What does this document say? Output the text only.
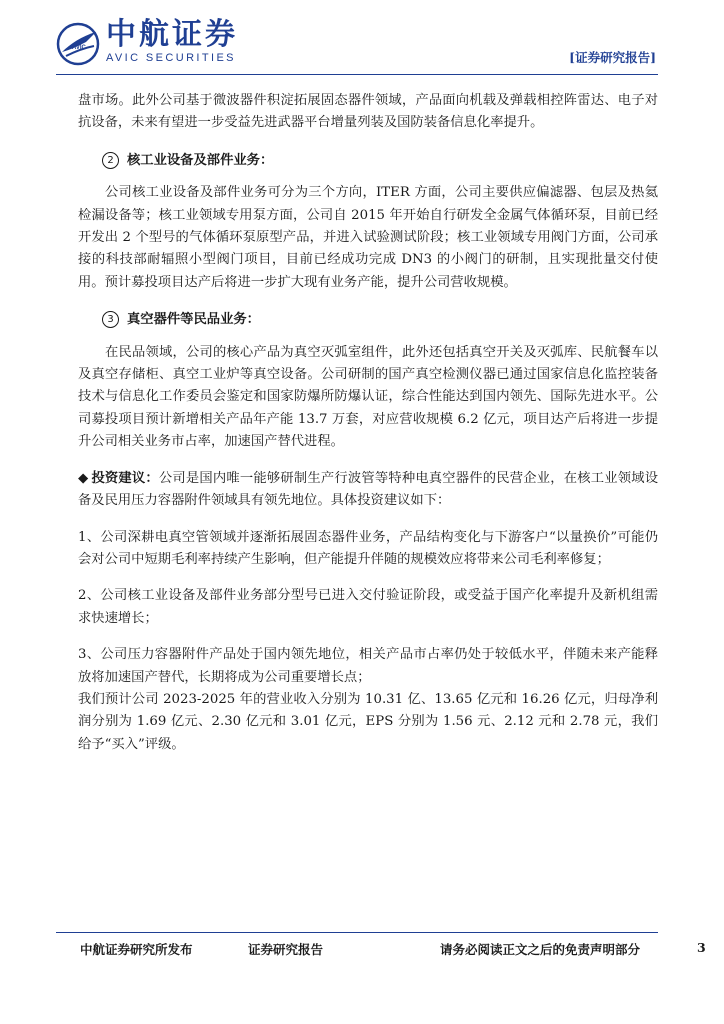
AVIC 中航证券
AVIC SECURITIES	[证券研究报告]

盘市场。此外公司基于微波器件积淀拓展固态器件领域，产品面向机载及弹载相控阵雷达、电子对抗设备，未来有望进一步受益先进武器平台增量列装及国防装备信息化率提升。

2 核工业设备及部件业务：

公司核工业设备及部件业务可分为三个方向，ITER 方面，公司主要供应偏滤器、包层及热氦检漏设备等；核工业领域专用泵方面，公司自 2015 年开始自行研发全金属气体循环泵，目前已经开发出 2 个型号的气体循环泵原型产品，并进入试验测试阶段；核工业领域专用阀门方面，公司承接的科技部耐辐照小型阀门项目，目前已经成功完成 DN3 的小阀门的研制，且实现批量交付使用。预计募投项目达产后将进一步扩大现有业务产能，提升公司营收规模。

3 真空器件等民品业务：

在民品领域，公司的核心产品为真空灭弧室组件，此外还包括真空开关及灭弧库、民航餐车以及真空存储柜、真空工业炉等真空设备。公司研制的国产真空检测仪器已通过国家信息化监控装备技术与信息化工作委员会鉴定和国家防爆所防爆认证，综合性能达到国内领先、国际先进水平。公司募投项目预计新增相关产品年产能 13.7 万套，对应营收规模 6.2 亿元，项目达产后将进一步提升公司相关业务市占率，加速国产替代进程。

◆ 投资建议：公司是国内唯一能够研制生产行波管等特种电真空器件的民营企业，在核工业领域设备及民用压力容器附件领域具有领先地位。具体投资建议如下：

1、公司深耕电真空管领域并逐渐拓展固态器件业务，产品结构变化与下游客户“以量换价”可能仍会对公司中短期毛利率持续产生影响，但产能提升伴随的规模效应将带来公司毛利率修复；

2、公司核工业设备及部件业务部分型号已进入交付验证阶段，或受益于国产化率提升及新机组需求快速增长；

3、公司压力容器附件产品处于国内领先地位，相关产品市占率仍处于较低水平，伴随未来产能释放将加速国产替代，长期将成为公司重要增长点；

我们预计公司 2023-2025 年的营业收入分别为 10.31 亿、13.65 亿元和 16.26 亿元，归母净利润分别为 1.69 亿元、2.30 亿元和 3.01 亿元，EPS 分别为 1.56 元、2.12 元和 2.78 元，我们给予“买入”评级。

中航证券研究所发布	证券研究报告	请务必阅读正文之后的免责声明部分	3
